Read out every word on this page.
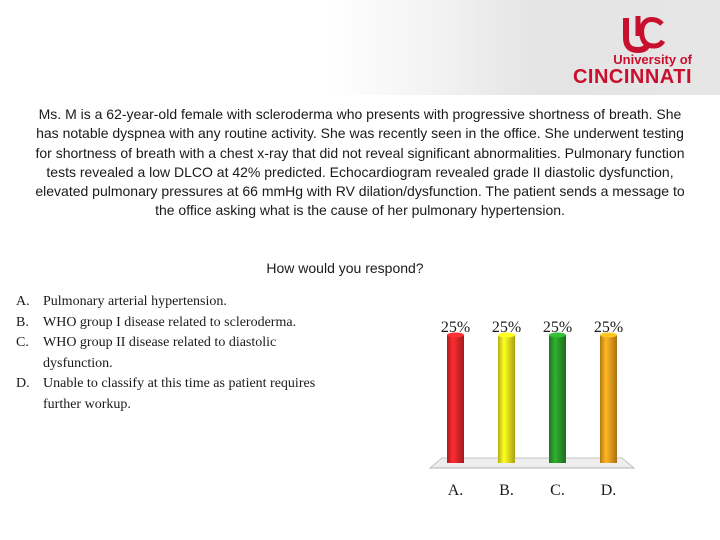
University of
CINCINNATI

Ms. M is a 62-year-old female with scleroderma who presents with progressive shortness of breath. She has notable dyspnea with any routine activity. She was recently seen in the office. She underwent testing for shortness of breath with a chest x-ray that did not reveal significant abnormalities. Pulmonary function tests revealed a low DLCO at 42% predicted. Echocardiogram revealed grade II diastolic dysfunction, elevated pulmonary pressures at 66 mmHg with RV dilation/dysfunction. The patient sends a message to the office asking what is the cause of her pulmonary hypertension.

How would you respond?
A. Pulmonary arterial hypertension.
B.	WHO group I disease related to scleroderma.
C.	WHO group II disease related to diastolic dysfunction.
D. Unable to classify at this time as patient requires further workup.
25% 25% 25% 25%
A. B. C. D.
